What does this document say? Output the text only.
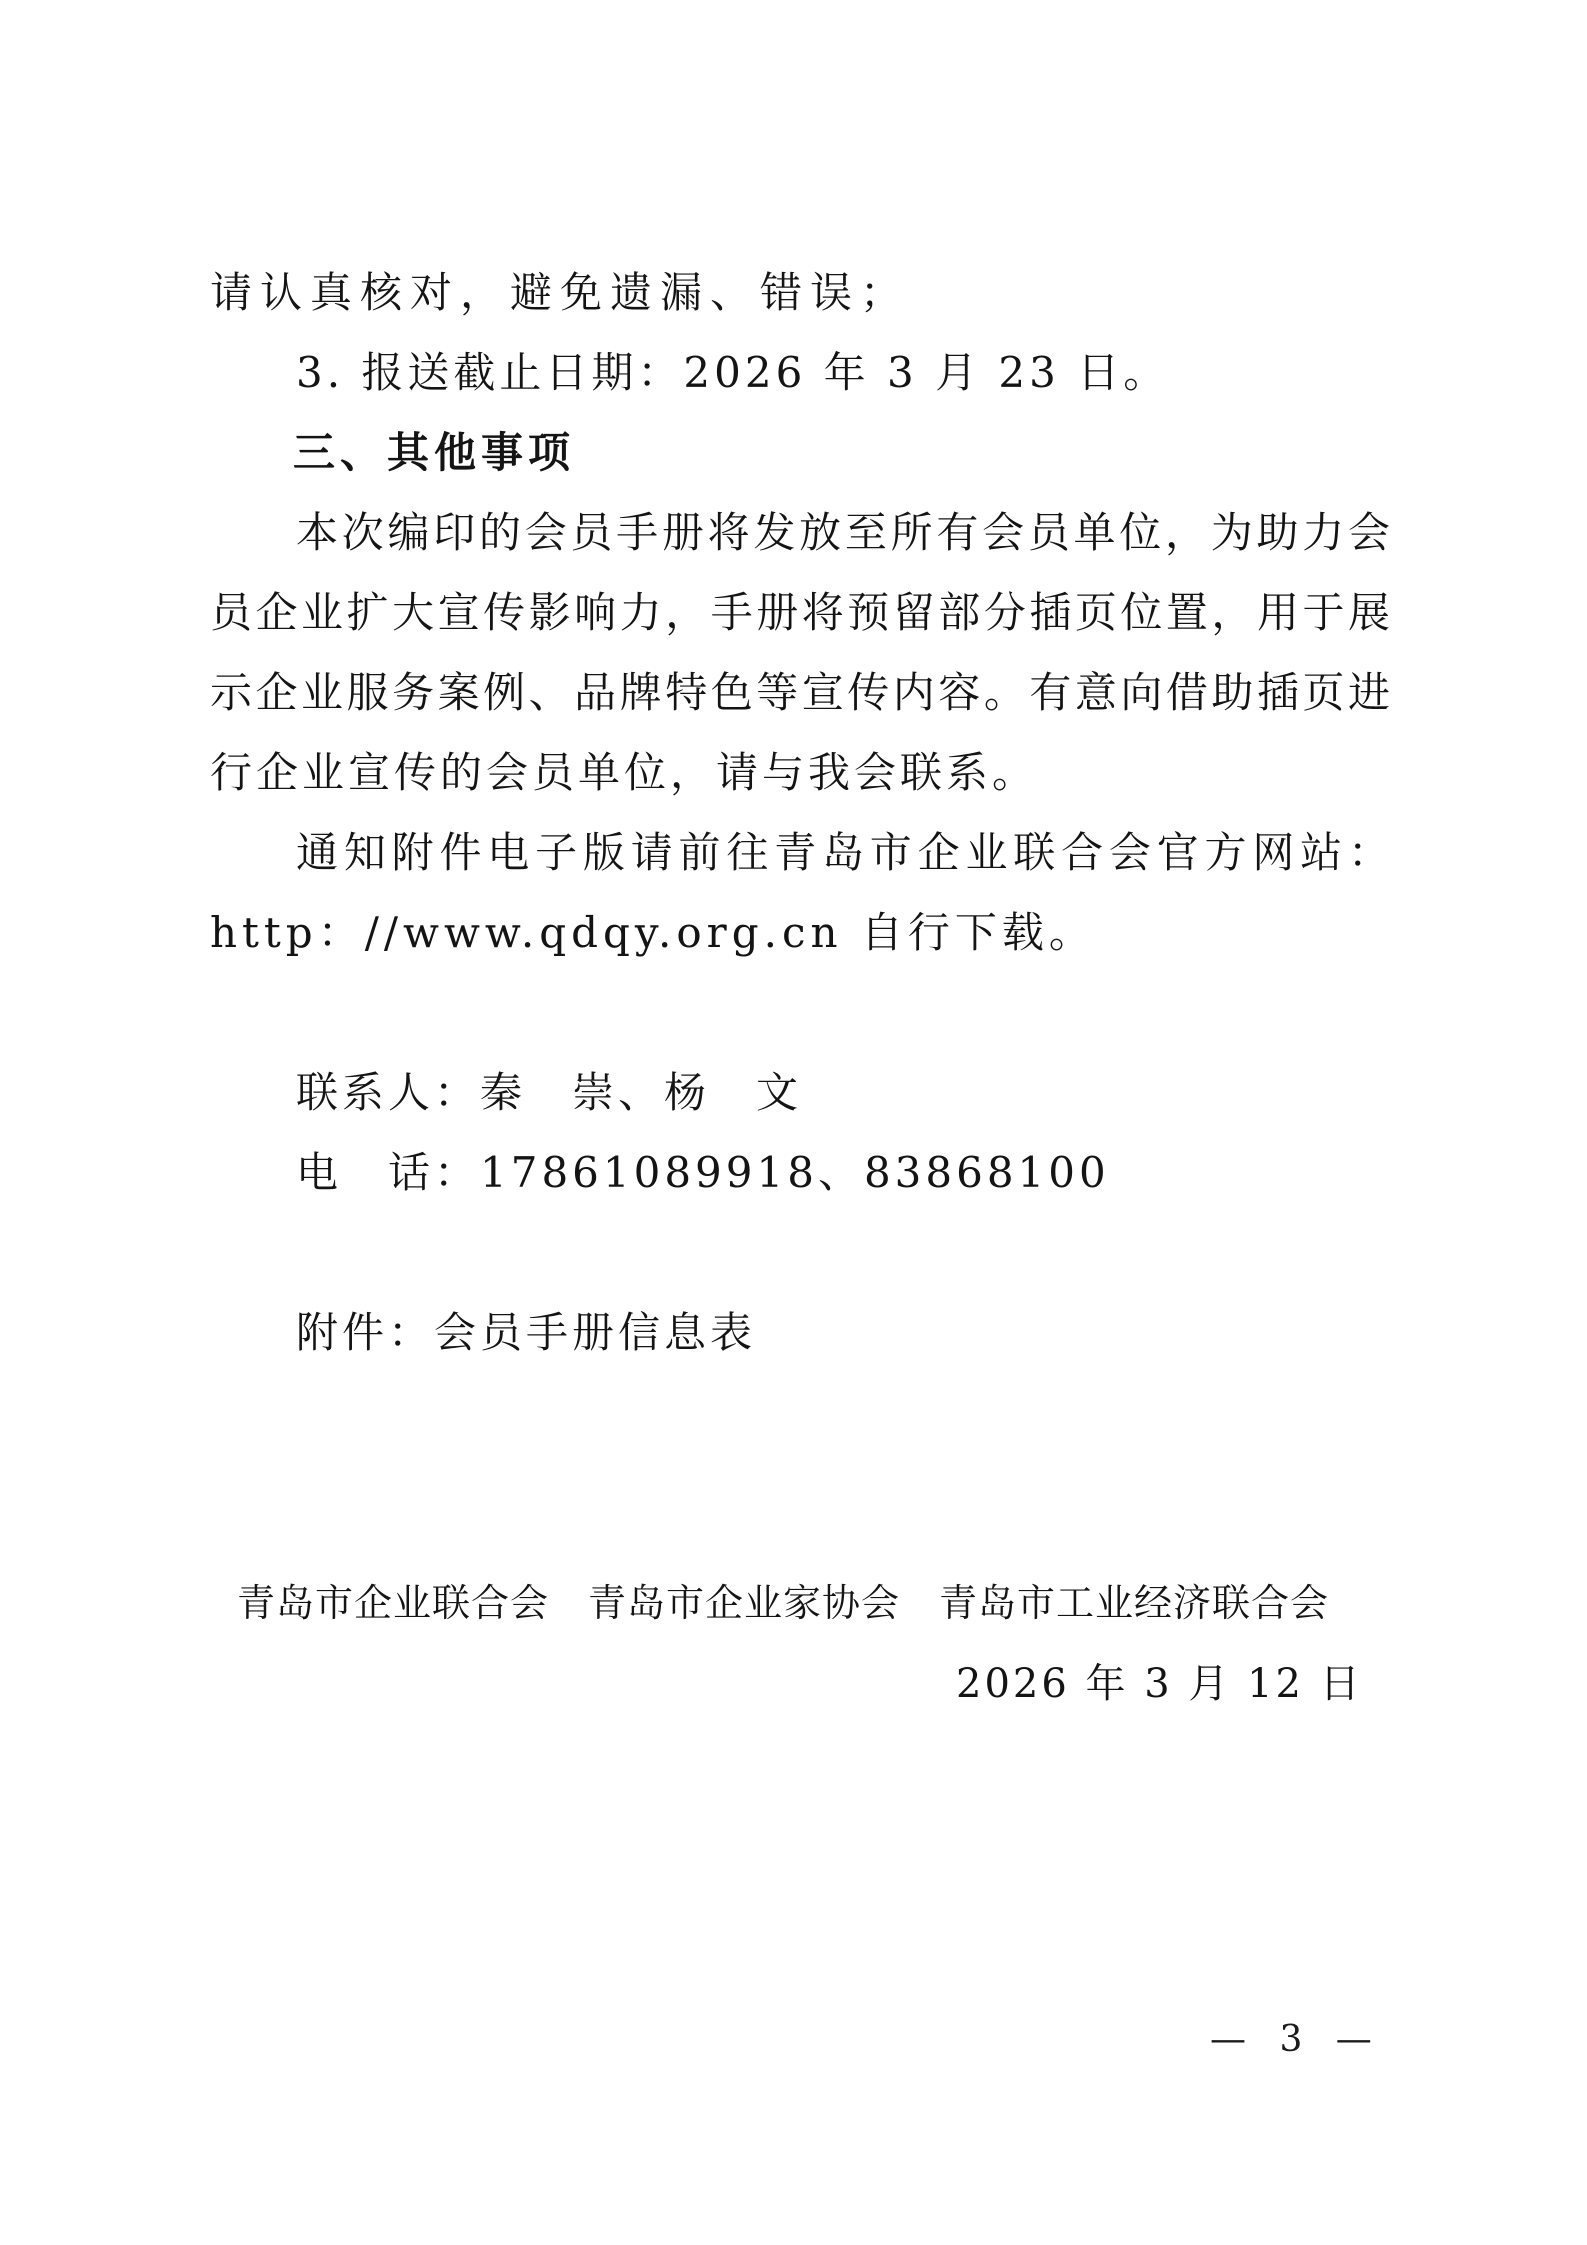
请认真核对，避免遗漏、错误；
3. 报送截止日期：2026 年 3 月 23 日。
三、其他事项
本次编印的会员手册将发放至所有会员单位，为助力会
员企业扩大宣传影响力，手册将预留部分插页位置，用于展
示企业服务案例、品牌特色等宣传内容。有意向借助插页进
行企业宣传的会员单位，请与我会联系。
通知附件电子版请前往青岛市企业联合会官方网站：
http：//www.qdqy.org.cn 自行下载。
联系人：秦　崇、杨　文
电　话：17861089918、83868100
附件：会员手册信息表
青岛市企业联合会　青岛市企业家协会　青岛市工业经济联合会
2026 年 3 月 12 日
— 3 —
